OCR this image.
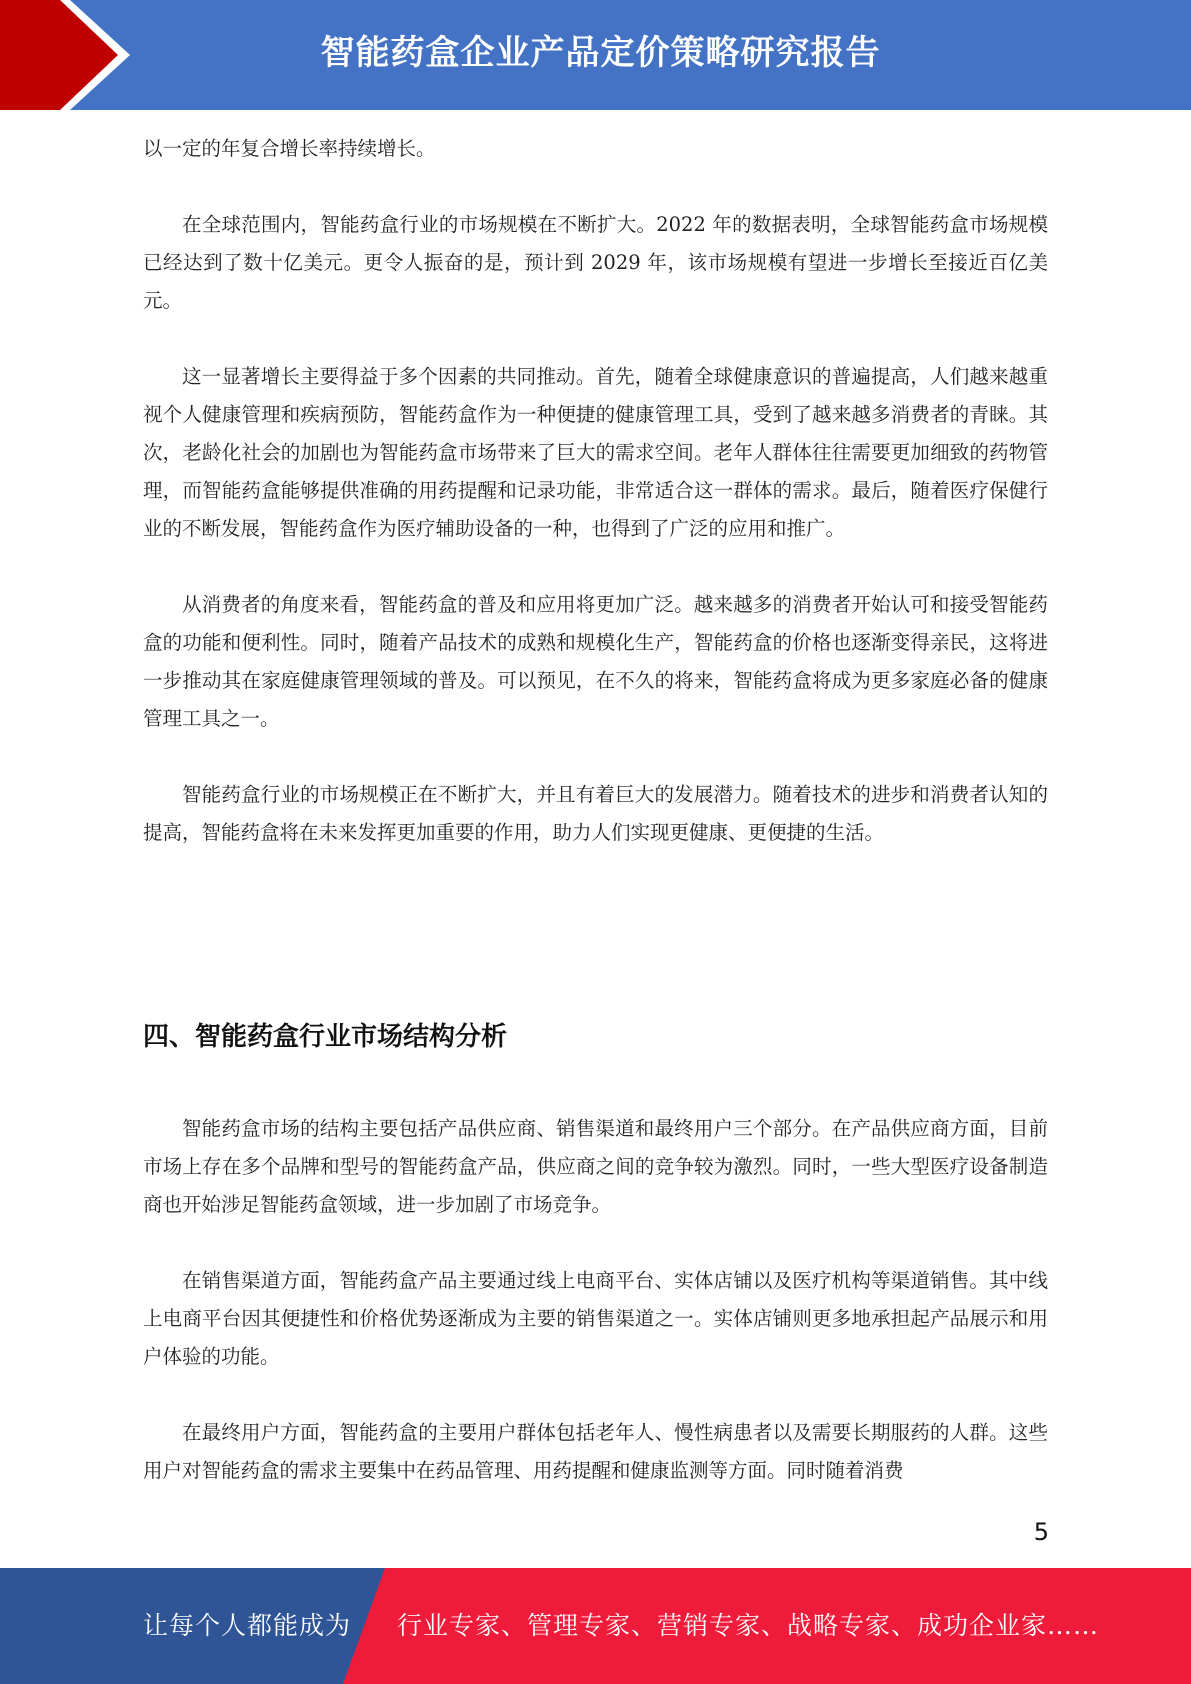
智能药盒企业产品定价策略研究报告

以一定的年复合增长率持续增长。

在全球范围内，智能药盒行业的市场规模在不断扩大。2022 年的数据表明，全球智能药盒市场规模已经达到了数十亿美元。更令人振奋的是，预计到 2029 年，该市场规模有望进一步增长至接近百亿美元。

这一显著增长主要得益于多个因素的共同推动。首先，随着全球健康意识的普遍提高，人们越来越重视个人健康管理和疾病预防，智能药盒作为一种便捷的健康管理工具，受到了越来越多消费者的青睐。其次，老龄化社会的加剧也为智能药盒市场带来了巨大的需求空间。老年人群体往往需要更加细致的药物管理，而智能药盒能够提供准确的用药提醒和记录功能，非常适合这一群体的需求。最后，随着医疗保健行业的不断发展，智能药盒作为医疗辅助设备的一种，也得到了广泛的应用和推广。

从消费者的角度来看，智能药盒的普及和应用将更加广泛。越来越多的消费者开始认可和接受智能药盒的功能和便利性。同时，随着产品技术的成熟和规模化生产，智能药盒的价格也逐渐变得亲民，这将进一步推动其在家庭健康管理领域的普及。可以预见，在不久的将来，智能药盒将成为更多家庭必备的健康管理工具之一。

智能药盒行业的市场规模正在不断扩大，并且有着巨大的发展潜力。随着技术的进步和消费者认知的提高，智能药盒将在未来发挥更加重要的作用，助力人们实现更健康、更便捷的生活。

四、智能药盒行业市场结构分析

智能药盒市场的结构主要包括产品供应商、销售渠道和最终用户三个部分。在产品供应商方面，目前市场上存在多个品牌和型号的智能药盒产品，供应商之间的竞争较为激烈。同时，一些大型医疗设备制造商也开始涉足智能药盒领域，进一步加剧了市场竞争。

在销售渠道方面，智能药盒产品主要通过线上电商平台、实体店铺以及医疗机构等渠道销售。其中线上电商平台因其便捷性和价格优势逐渐成为主要的销售渠道之一。实体店铺则更多地承担起产品展示和用户体验的功能。

在最终用户方面，智能药盒的主要用户群体包括老年人、慢性病患者以及需要长期服药的人群。这些用户对智能药盒的需求主要集中在药品管理、用药提醒和健康监测等方面。同时随着消费

5
让每个人都能成为 行业专家、管理专家、营销专家、战略专家、成功企业家……
